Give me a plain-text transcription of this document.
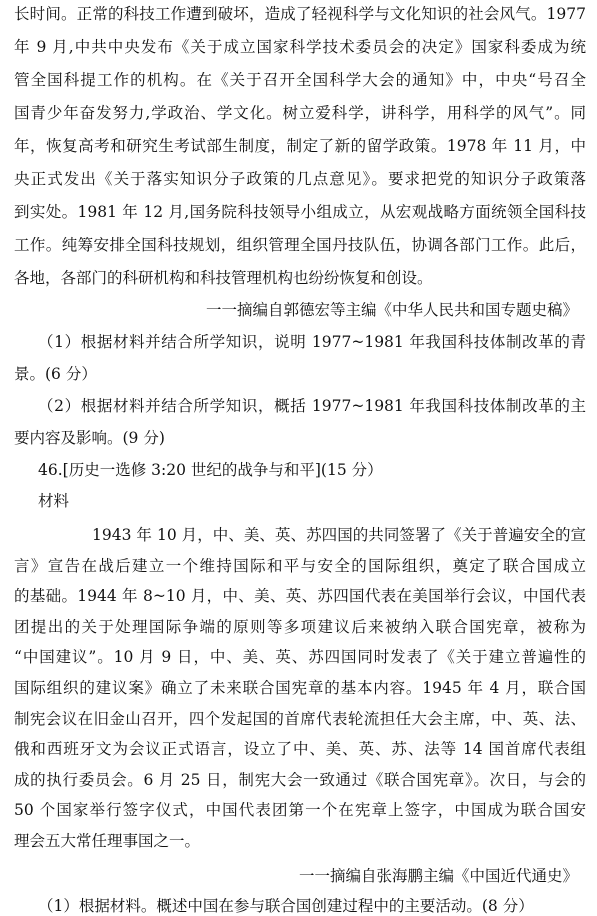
长时间。正常的科技工作遭到破坏，造成了轻视科学与文化知识的社会风气。1977
年 9 月,中共中央发布《关于成立国家科学技术委员会的决定》国家科委成为统
管全国科提工作的机构。在《关于召开全国科学大会的通知》中，中央“号召全
国青少年奋发努力,学政治、学文化。树立爱科学，讲科学，用科学的风气”。同
年，恢复高考和研究生考试部生制度，制定了新的留学政策。1978 年 11 月，中
央正式发出《关于落实知识分子政策的几点意见》。要求把党的知识分子政策落
到实处。1981 年 12 月,国务院科技领导小组成立，从宏观战略方面统领全国科技
工作。纯筹安排全国科技规划，组织管理全国丹技队伍，协调各部门工作。此后，
各地，各部门的科研机构和科技管理机构也纷纷恢复和创设。
一一摘编自郭德宏等主编《中华人民共和国专题史稿》
（1）根据材料并结合所学知识，说明 1977~1981 年我国科技体制改革的青
景。(6 分）
（2）根据材料并结合所学知识，概括 1977~1981 年我国科技体制改革的主
要内容及影响。(9 分)
46.[历史一选修 3:20 世纪的战争与和平](15 分）
材料
1943 年 10 月，中、美、英、苏四国的共同签署了《关于普遍安全的宣
言》宣告在战后建立一个维持国际和平与安全的国际组织，奠定了联合国成立
的基础。1944 年 8~10 月，中、美、英、苏四国代表在美国举行会议，中国代表
团提出的关于处理国际争端的原则等多项建议后来被纳入联合国宪章，被称为
“中国建议”。10 月 9 日，中、美、英、苏四国同时发表了《关于建立普遍性的
国际组织的建议案》确立了未来联合国宪章的基本内容。1945 年 4 月，联合国
制宪会议在旧金山召开，四个发起国的首席代表轮流担任大会主席，中、英、法、
俄和西班牙文为会议正式语言，设立了中、美、英、苏、法等 14 国首席代表组
成的执行委员会。6 月 25 日，制宪大会一致通过《联合国宪章》。次日，与会的
50 个国家举行签字仪式，中国代表团第一个在宪章上签字，中国成为联合国安
理会五大常任理事国之一。
一一摘编自张海鹏主编《中国近代通史》
（1）根据材料。概述中国在参与联合国创建过程中的主要活动。(8 分）
